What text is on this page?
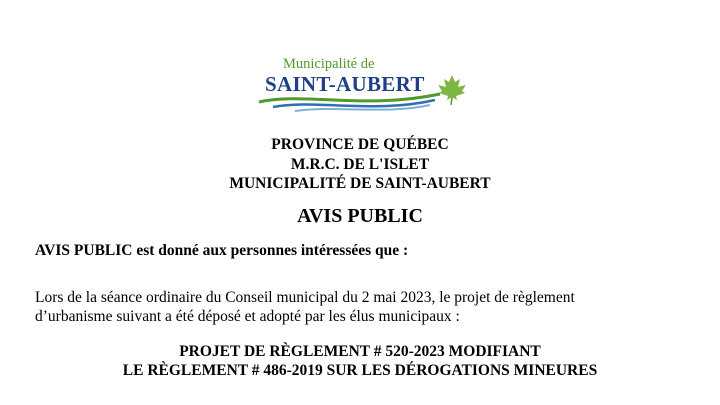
Municipalité de
SAINT-AUBERT
PROVINCE DE QUÉBEC
M.R.C. DE L'ISLET
MUNICIPALITÉ DE SAINT-AUBERT
AVIS PUBLIC
AVIS PUBLIC est donné aux personnes intéressées que :
Lors de la séance ordinaire du Conseil municipal du 2 mai 2023, le projet de règlement
d’urbanisme suivant a été déposé et adopté par les élus municipaux :
PROJET DE RÈGLEMENT # 520-2023 MODIFIANT
LE RÈGLEMENT # 486-2019 SUR LES DÉROGATIONS MINEURES
